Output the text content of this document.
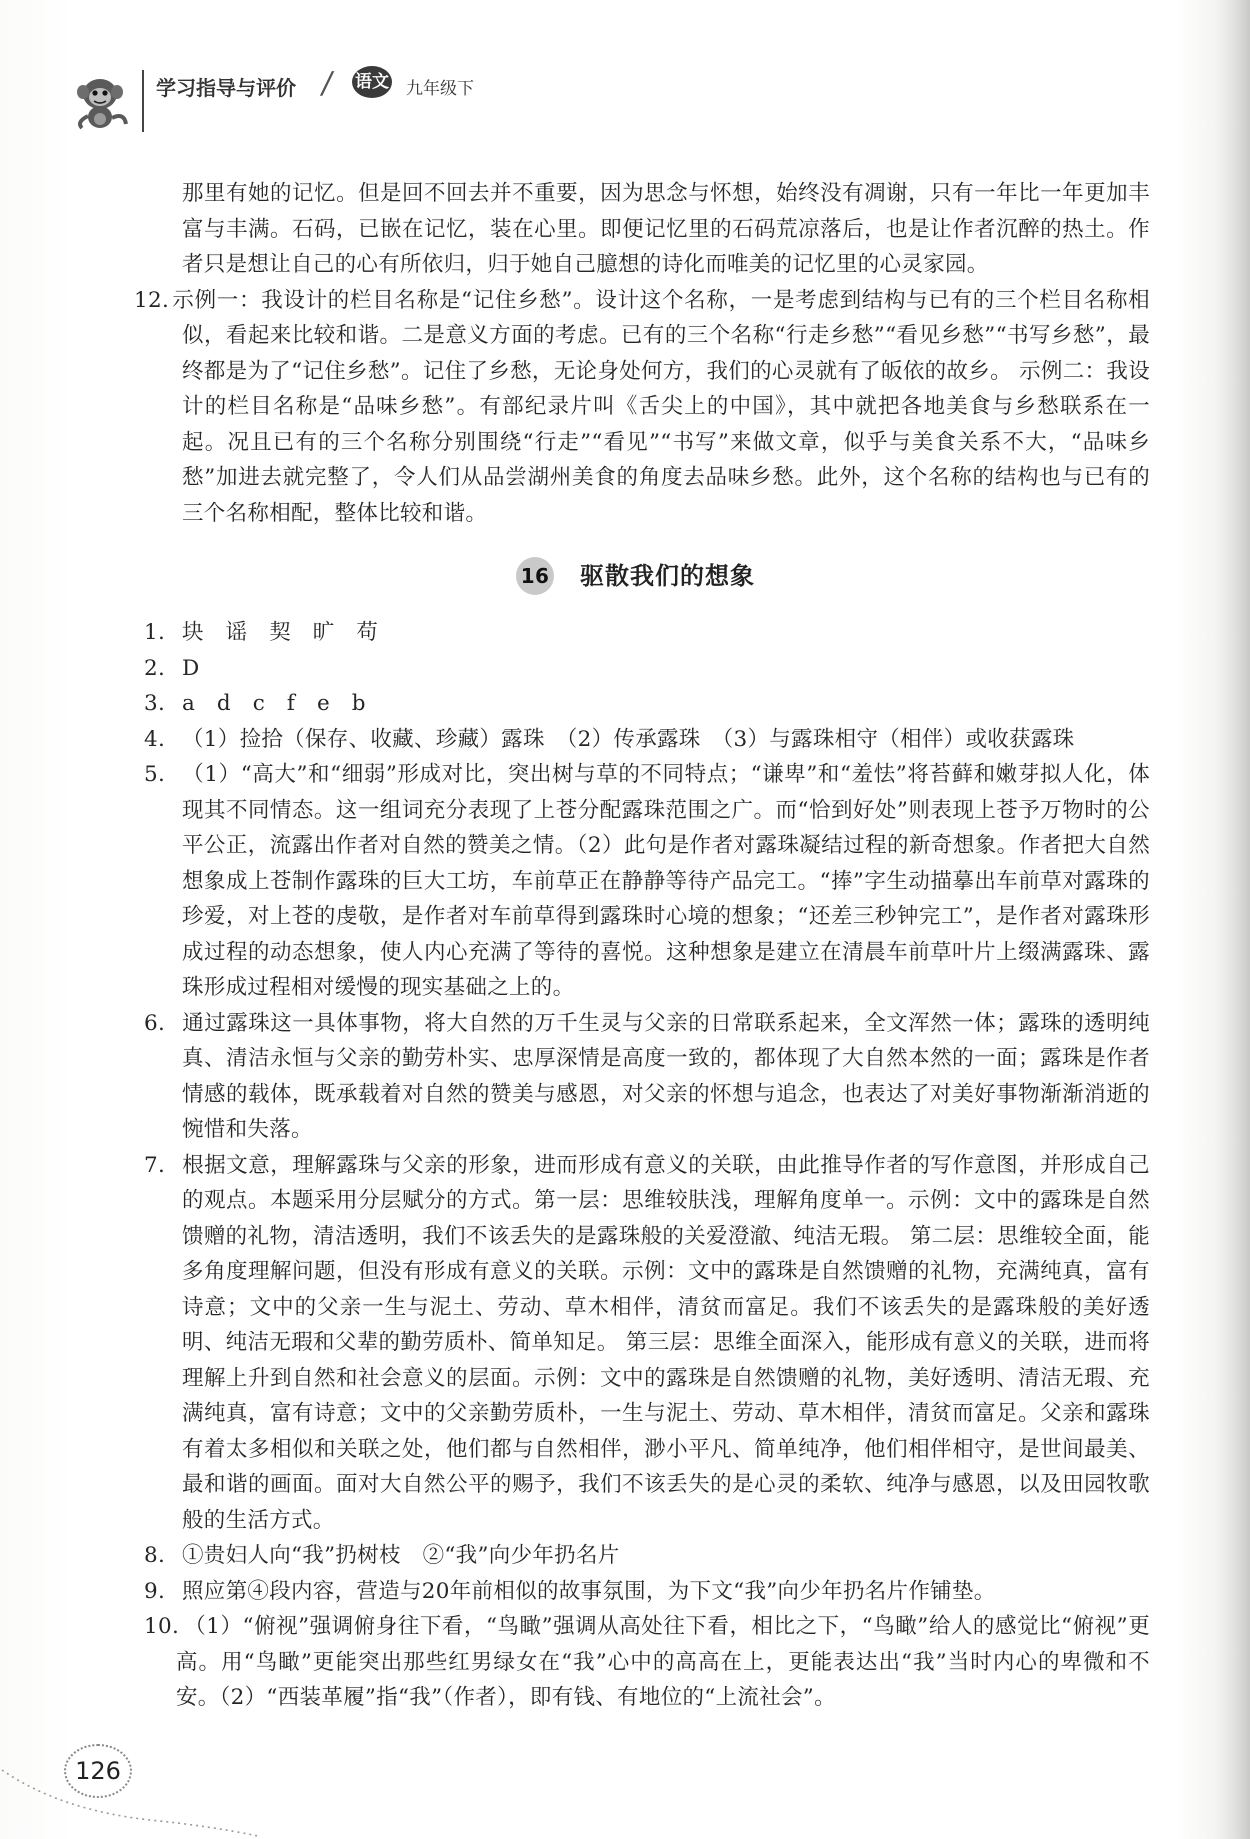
学习指导与评价 / 语文 九年级下

那里有她的记忆。但是回不回去并不重要，因为思念与怀想，始终没有凋谢，只有一年比一年更加丰富与丰满。石码，已嵌在记忆，装在心里。即便记忆里的石码荒凉落后，也是让作者沉醉的热土。作者只是想让自己的心有所依归，归于她自己臆想的诗化而唯美的记忆里的心灵家园。

12. 示例一：我设计的栏目名称是“记住乡愁”。设计这个名称，一是考虑到结构与已有的三个栏目名称相似，看起来比较和谐。二是意义方面的考虑。已有的三个名称“行走乡愁”“看见乡愁”“书写乡愁”，最终都是为了“记住乡愁”。记住了乡愁，无论身处何方，我们的心灵就有了皈依的故乡。 示例二：我设计的栏目名称是“品味乡愁”。有部纪录片叫《舌尖上的中国》，其中就把各地美食与乡愁联系在一起。况且已有的三个名称分别围绕“行走”“看见”“书写”来做文章，似乎与美食关系不大，“品味乡愁”加进去就完整了，令人们从品尝湖州美食的角度去品味乡愁。此外，这个名称的结构也与已有的三个名称相配，整体比较和谐。

16 驱散我们的想象

1. 块　谣　契　旷　苟

2. D

3. a　d　c　f　e　b

4. （1）捡拾（保存、收藏、珍藏）露珠　（2）传承露珠　（3）与露珠相守（相伴）或收获露珠

5. （1）“高大”和“细弱”形成对比，突出树与草的不同特点；“谦卑”和“羞怯”将苔藓和嫩芽拟人化，体现其不同情态。这一组词充分表现了上苍分配露珠范围之广。而“恰到好处”则表现上苍予万物时的公平公正，流露出作者对自然的赞美之情。（2）此句是作者对露珠凝结过程的新奇想象。作者把大自然想象成上苍制作露珠的巨大工坊，车前草正在静静等待产品完工。“捧”字生动描摹出车前草对露珠的珍爱，对上苍的虔敬，是作者对车前草得到露珠时心境的想象；“还差三秒钟完工”，是作者对露珠形成过程的动态想象，使人内心充满了等待的喜悦。这种想象是建立在清晨车前草叶片上缀满露珠、露珠形成过程相对缓慢的现实基础之上的。

6. 通过露珠这一具体事物，将大自然的万千生灵与父亲的日常联系起来，全文浑然一体；露珠的透明纯真、清洁永恒与父亲的勤劳朴实、忠厚深情是高度一致的，都体现了大自然本然的一面；露珠是作者情感的载体，既承载着对自然的赞美与感恩，对父亲的怀想与追念，也表达了对美好事物渐渐消逝的惋惜和失落。

7. 根据文意，理解露珠与父亲的形象，进而形成有意义的关联，由此推导作者的写作意图，并形成自己的观点。本题采用分层赋分的方式。第一层：思维较肤浅，理解角度单一。示例：文中的露珠是自然馈赠的礼物，清洁透明，我们不该丢失的是露珠般的关爱澄澈、纯洁无瑕。 第二层：思维较全面，能多角度理解问题，但没有形成有意义的关联。示例：文中的露珠是自然馈赠的礼物，充满纯真，富有诗意；文中的父亲一生与泥土、劳动、草木相伴，清贫而富足。我们不该丢失的是露珠般的美好透明、纯洁无瑕和父辈的勤劳质朴、简单知足。 第三层：思维全面深入，能形成有意义的关联，进而将理解上升到自然和社会意义的层面。示例：文中的露珠是自然馈赠的礼物，美好透明、清洁无瑕、充满纯真，富有诗意；文中的父亲勤劳质朴，一生与泥土、劳动、草木相伴，清贫而富足。父亲和露珠有着太多相似和关联之处，他们都与自然相伴，渺小平凡、简单纯净，他们相伴相守，是世间最美、最和谐的画面。面对大自然公平的赐予，我们不该丢失的是心灵的柔软、纯净与感恩，以及田园牧歌般的生活方式。

8. ①贵妇人向“我”扔树枝　②“我”向少年扔名片

9. 照应第④段内容，营造与20年前相似的故事氛围，为下文“我”向少年扔名片作铺垫。

10. （1）“俯视”强调俯身往下看，“鸟瞰”强调从高处往下看，相比之下，“鸟瞰”给人的感觉比“俯视”更高。用“鸟瞰”更能突出那些红男绿女在“我”心中的高高在上，更能表达出“我”当时内心的卑微和不安。（2）“西装革履”指“我”（作者），即有钱、有地位的“上流社会”。

126
